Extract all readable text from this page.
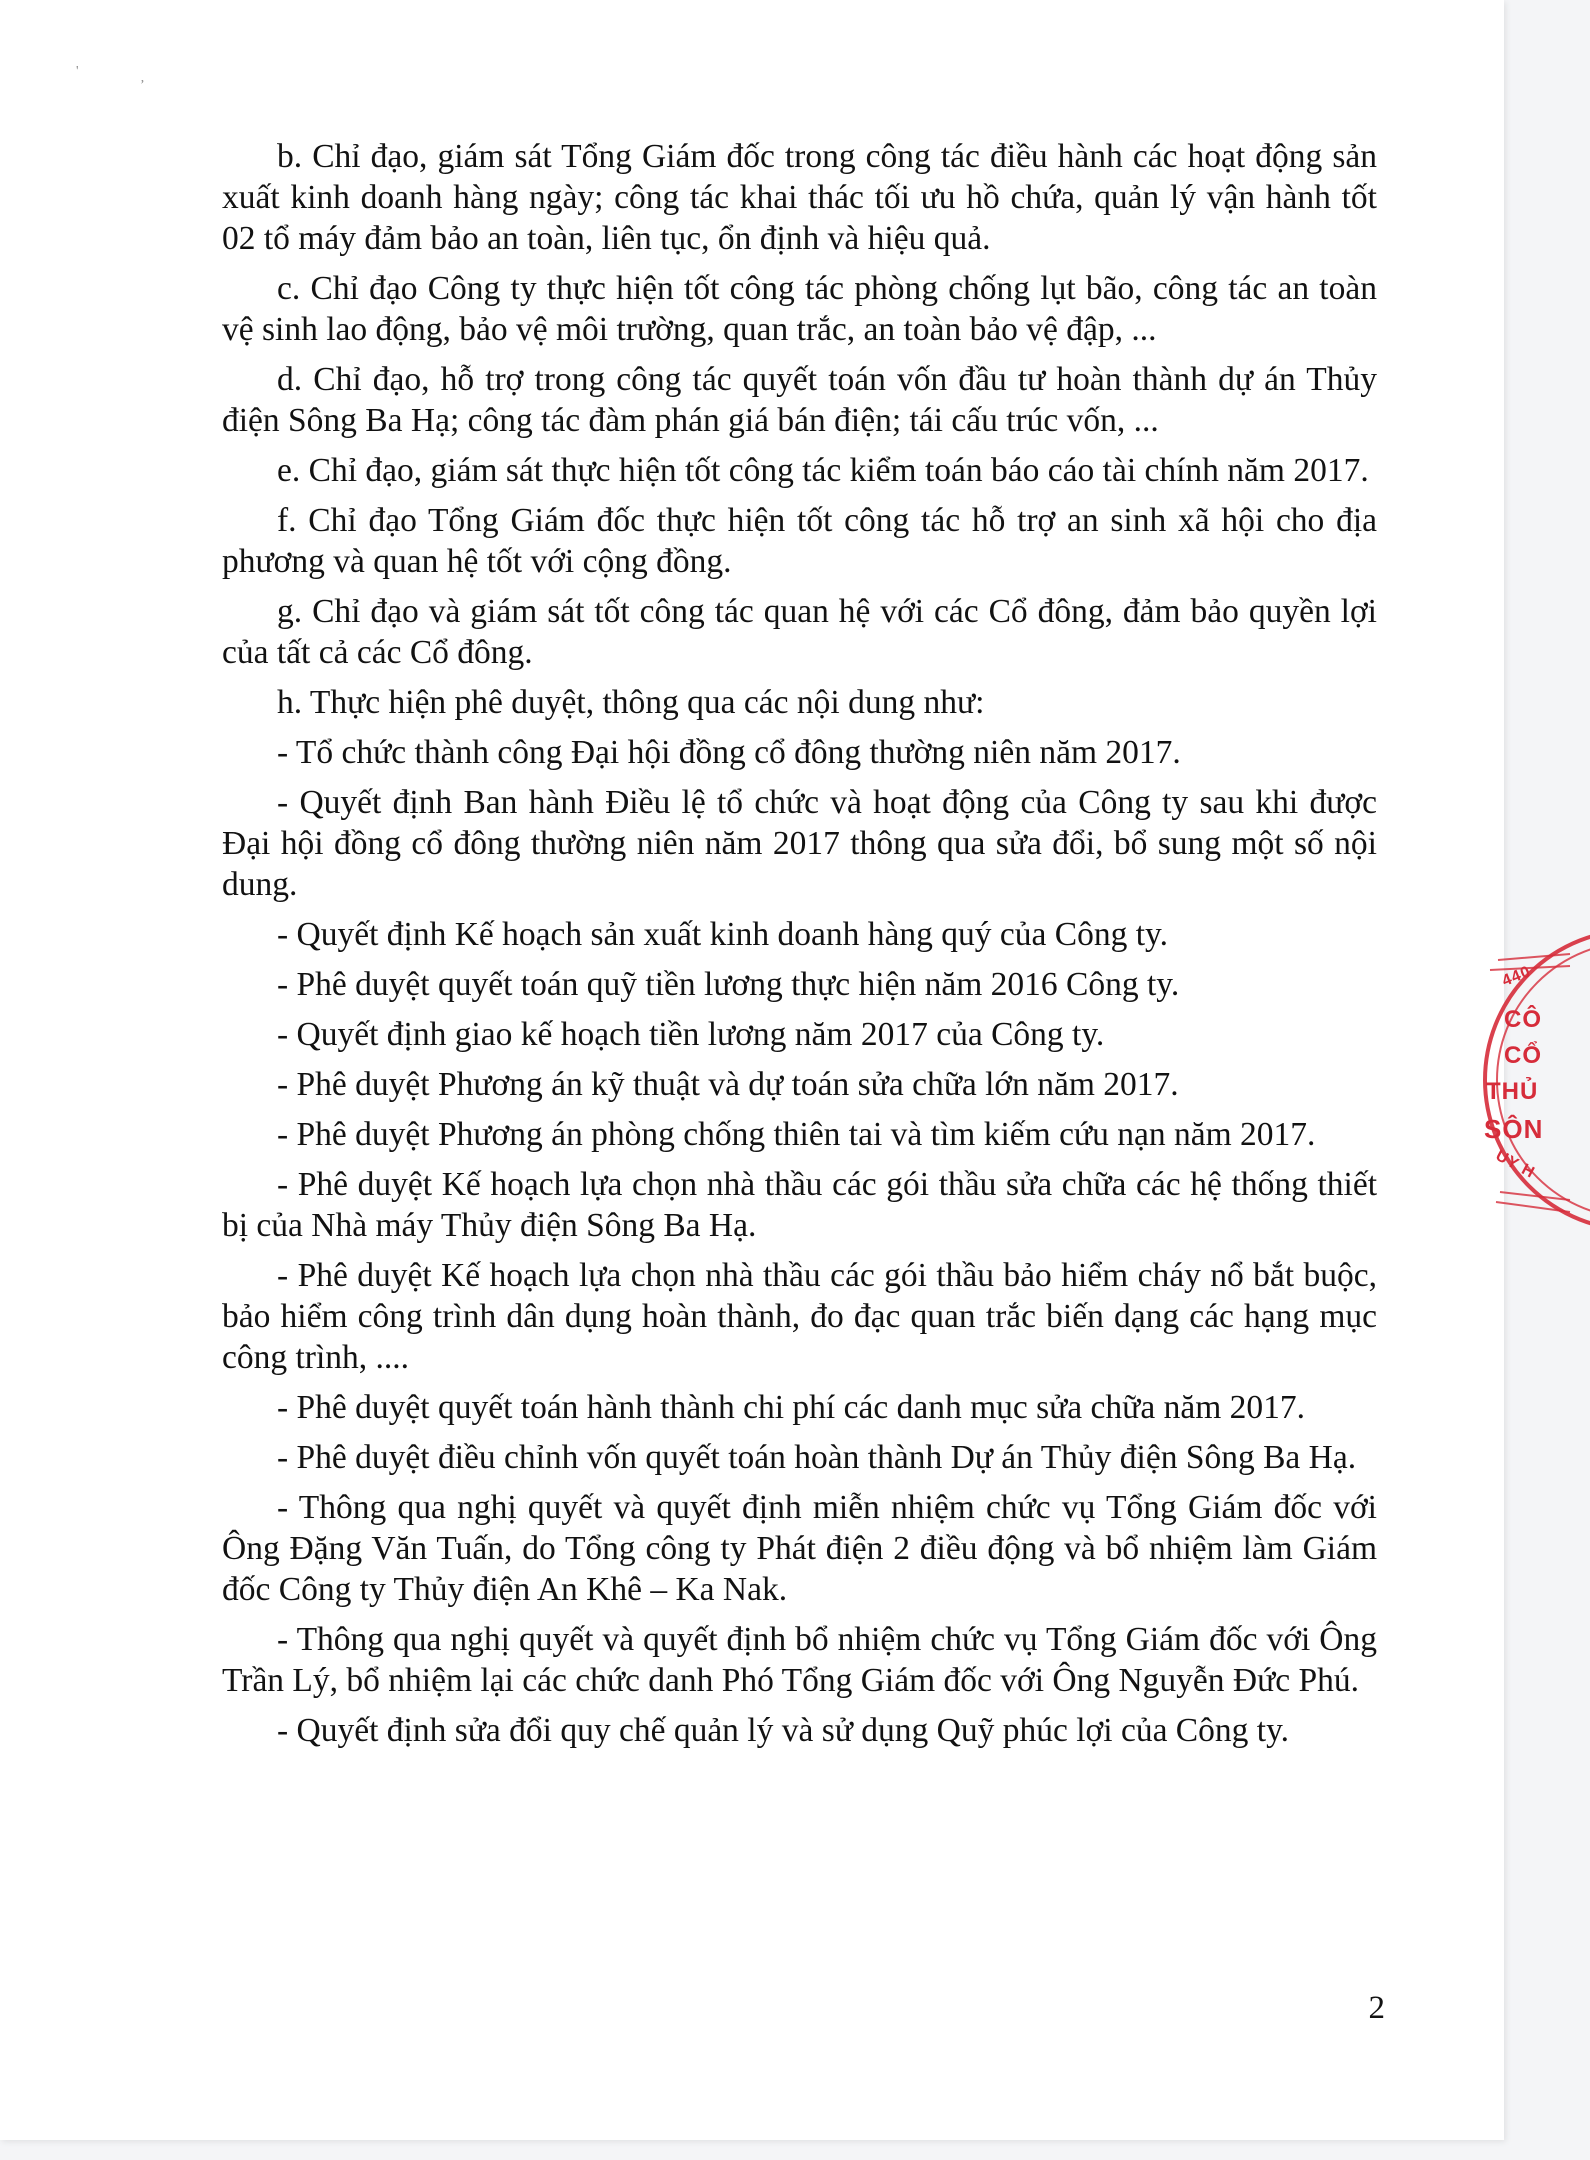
'
ʼ

b. Chỉ đạo, giám sát Tổng Giám đốc trong công tác điều hành các hoạt động sản xuất kinh doanh hàng ngày; công tác khai thác tối ưu hồ chứa, quản lý vận hành tốt 02 tổ máy đảm bảo an toàn, liên tục, ổn định và hiệu quả.

c. Chỉ đạo Công ty thực hiện tốt công tác phòng chống lụt bão, công tác an toàn vệ sinh lao động, bảo vệ môi trường, quan trắc, an toàn bảo vệ đập, ...

d. Chỉ đạo, hỗ trợ trong công tác quyết toán vốn đầu tư hoàn thành dự án Thủy điện Sông Ba Hạ; công tác đàm phán giá bán điện; tái cấu trúc vốn, ...

e. Chỉ đạo, giám sát thực hiện tốt công tác kiểm toán báo cáo tài chính năm 2017.

f. Chỉ đạo Tổng Giám đốc thực hiện tốt công tác hỗ trợ an sinh xã hội cho địa phương và quan hệ tốt với cộng đồng.

g. Chỉ đạo và giám sát tốt công tác quan hệ với các Cổ đông, đảm bảo quyền lợi của tất cả các Cổ đông.

h. Thực hiện phê duyệt, thông qua các nội dung như:

- Tổ chức thành công Đại hội đồng cổ đông thường niên năm 2017.

- Quyết định Ban hành Điều lệ tổ chức và hoạt động của Công ty sau khi được Đại hội đồng cổ đông thường niên năm 2017 thông qua sửa đổi, bổ sung một số nội dung.

- Quyết định Kế hoạch sản xuất kinh doanh hàng quý của Công ty.

- Phê duyệt quyết toán quỹ tiền lương thực hiện năm 2016 Công ty.

- Quyết định giao kế hoạch tiền lương năm 2017 của Công ty.

- Phê duyệt Phương án kỹ thuật và dự toán sửa chữa lớn năm 2017.

- Phê duyệt Phương án phòng chống thiên tai và tìm kiếm cứu nạn năm 2017.

- Phê duyệt Kế hoạch lựa chọn nhà thầu các gói thầu sửa chữa các hệ thống thiết bị của Nhà máy Thủy điện Sông Ba Hạ.

- Phê duyệt Kế hoạch lựa chọn nhà thầu các gói thầu bảo hiểm cháy nổ bắt buộc, bảo hiểm công trình dân dụng hoàn thành, đo đạc quan trắc biến dạng các hạng mục công trình, ....

- Phê duyệt quyết toán hành thành chi phí các danh mục sửa chữa năm 2017.

- Phê duyệt điều chỉnh vốn quyết toán hoàn thành Dự án Thủy điện Sông Ba Hạ.

- Thông qua nghị quyết và quyết định miễn nhiệm chức vụ Tổng Giám đốc với Ông Đặng Văn Tuấn, do Tổng công ty Phát điện 2 điều động và bổ nhiệm làm Giám đốc Công ty Thủy điện An Khê – Ka Nak.

- Thông qua nghị quyết và quyết định bổ nhiệm chức vụ Tổng Giám đốc với Ông Trần Lý, bổ nhiệm lại các chức danh Phó Tổng Giám đốc với Ông Nguyễn Đức Phú.

- Quyết định sửa đổi quy chế quản lý và sử dụng Quỹ phúc lợi của Công ty.

2
440
CÔ
CỔ
THỦ
SÔN
UY H
